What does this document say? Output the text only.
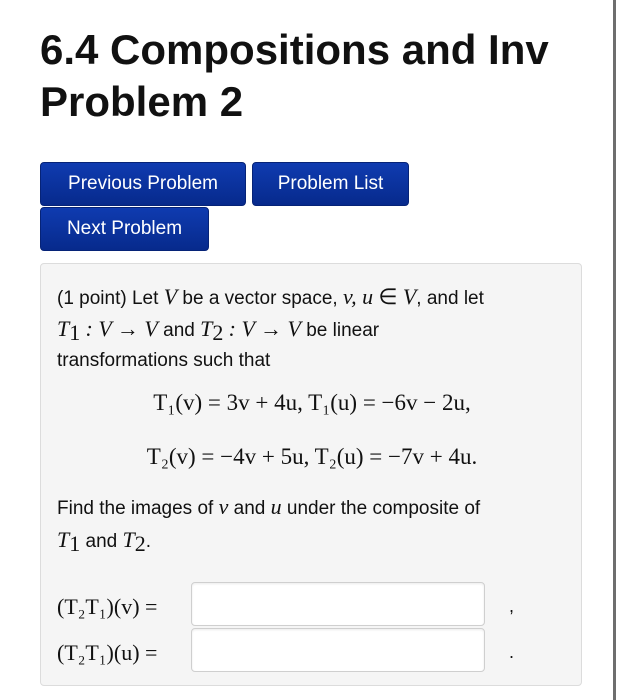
6.4 Compositions and Inv
Problem 2
Previous Problem	Problem List
Next Problem
(1 point) Let V be a vector space, v, u ∈ V, and let
$T_1$ : V → V and $T_2$ : V → V be linear
transformations such that
T₁(v) = 3v + 4u, T₁(u) = −6v − 2u,
T₂(v) = −4v + 5u, T₂(u) = −7v + 4u.
Find the images of v and u under the composite of
$T_1$ and $T_2$.
(T₂T₁)(v) =	,
(T₂T₁)(u) =	.
